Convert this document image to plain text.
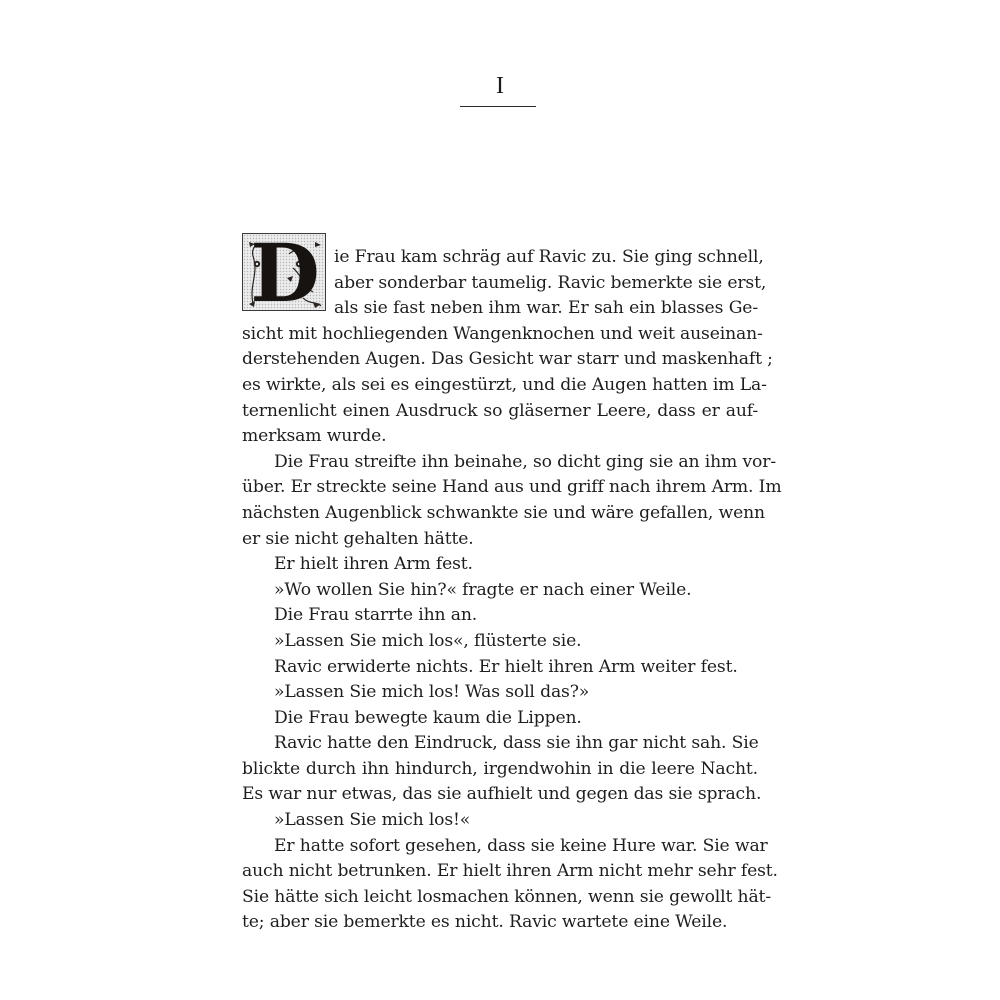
I
D ie Frau kam schräg auf Ravic zu. Sie ging schnell,
aber sonderbar taumelig. Ravic bemerkte sie erst,
als sie fast neben ihm war. Er sah ein blasses Ge-
sicht mit hochliegenden Wangenknochen und weit auseinan-
derstehenden Augen. Das Gesicht war starr und maskenhaft ;
es wirkte, als sei es eingestürzt, und die Augen hatten im La-
ternenlicht einen Ausdruck so gläserner Leere, dass er auf-
merksam wurde.
Die Frau streifte ihn beinahe, so dicht ging sie an ihm vor-
über. Er streckte seine Hand aus und griff nach ihrem Arm. Im
nächsten Augenblick schwankte sie und wäre gefallen, wenn
er sie nicht gehalten hätte.
Er hielt ihren Arm fest.
»Wo wollen Sie hin?« fragte er nach einer Weile.
Die Frau starrte ihn an.
»Lassen Sie mich los«, flüsterte sie.
Ravic erwiderte nichts. Er hielt ihren Arm weiter fest.
»Lassen Sie mich los! Was soll das?»
Die Frau bewegte kaum die Lippen.
Ravic hatte den Eindruck, dass sie ihn gar nicht sah. Sie
blickte durch ihn hindurch, irgendwohin in die leere Nacht.
Es war nur etwas, das sie aufhielt und gegen das sie sprach.
»Lassen Sie mich los!«
Er hatte sofort gesehen, dass sie keine Hure war. Sie war
auch nicht betrunken. Er hielt ihren Arm nicht mehr sehr fest.
Sie hätte sich leicht losmachen können, wenn sie gewollt hät-
te; aber sie bemerkte es nicht. Ravic wartete eine Weile.
